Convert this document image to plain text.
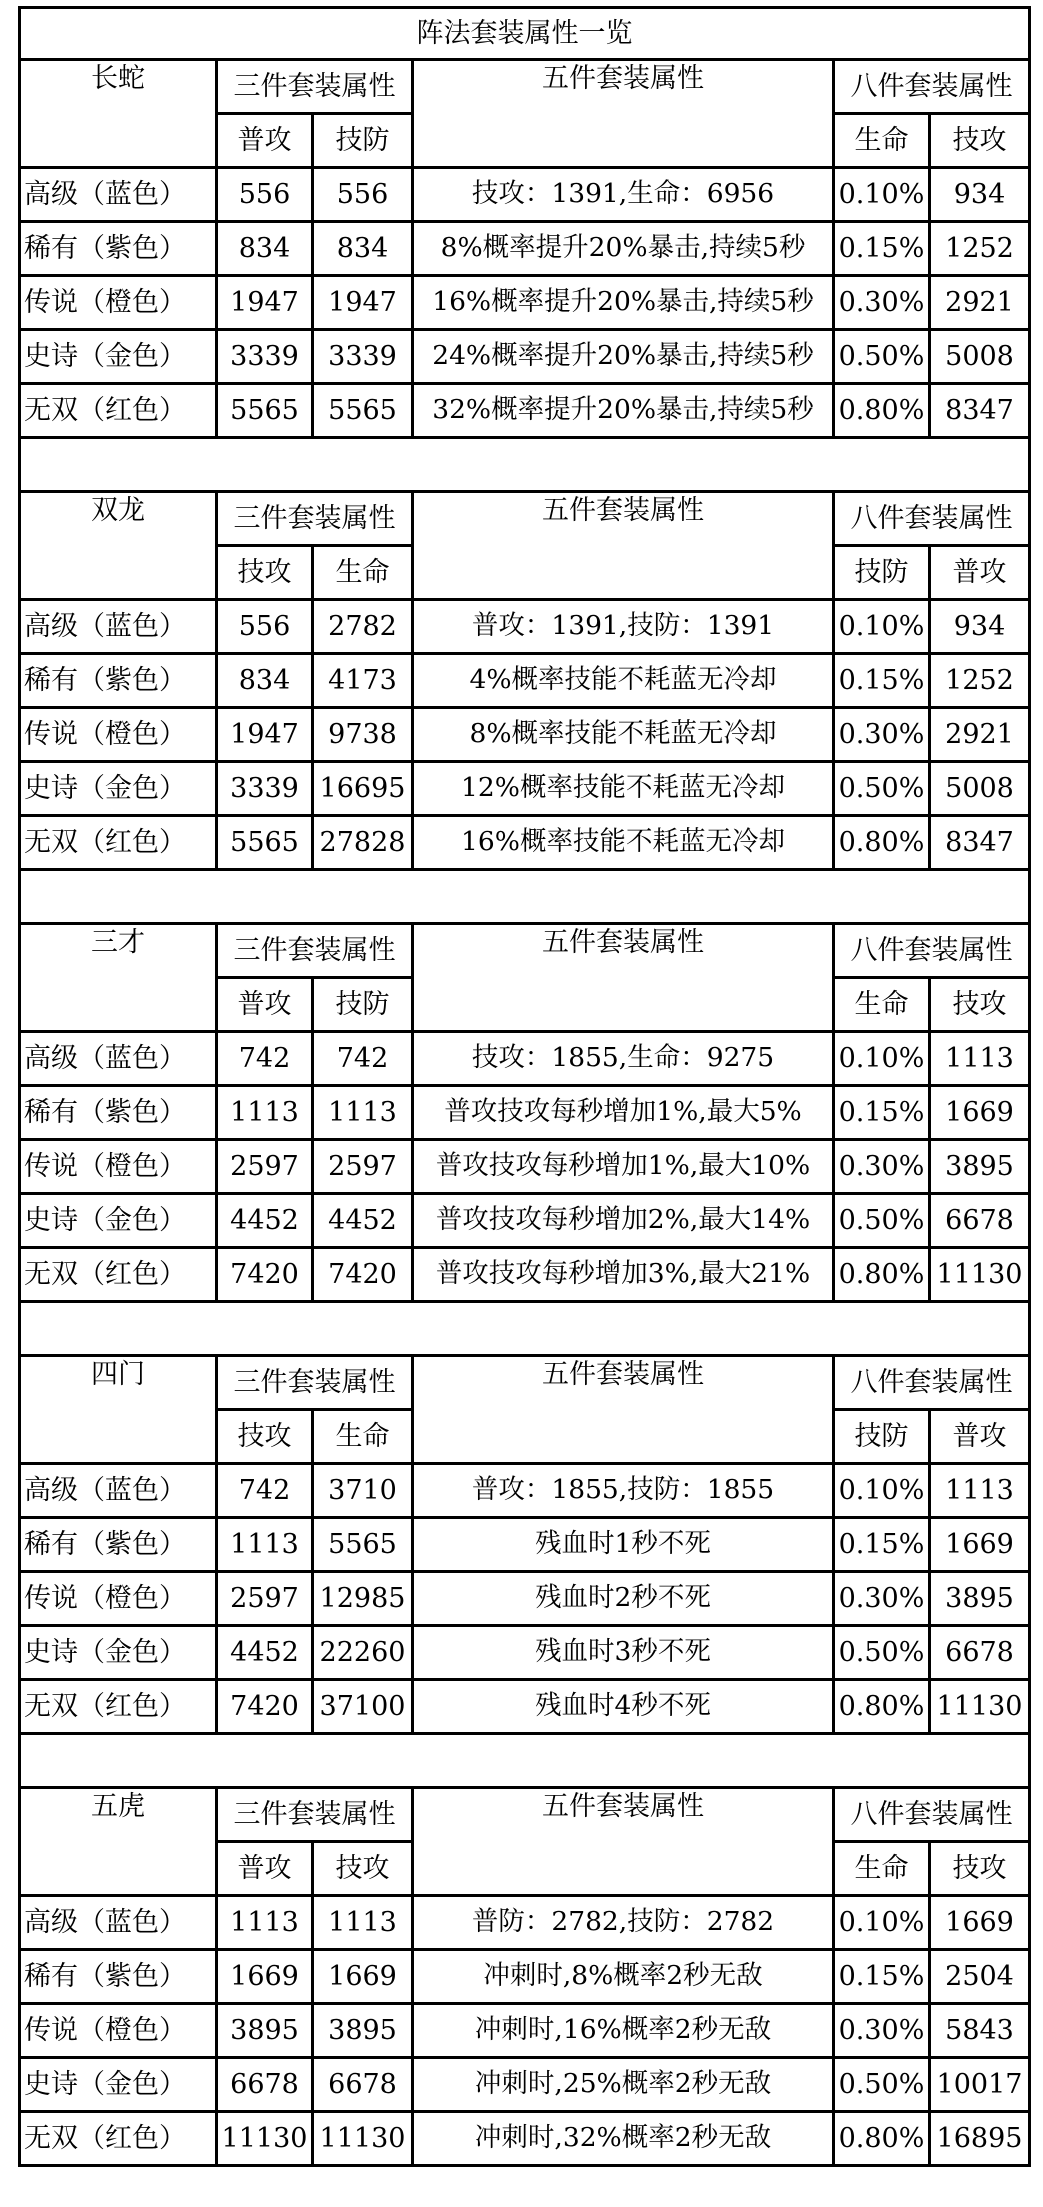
阵法套装属性一览					
长蛇	三件套装属性		五件套装属性	八件套装属性	
	普攻	技防		生命	技攻
高级（蓝色）	556	556	技攻：1391,生命：6956	0.10%	934
稀有（紫色）	834	834	8%概率提升20%暴击,持续5秒	0.15%	1252
传说（橙色）	1947	1947	16%概率提升20%暴击,持续5秒	0.30%	2921
史诗（金色）	3339	3339	24%概率提升20%暴击,持续5秒	0.50%	5008
无双（红色）	5565	5565	32%概率提升20%暴击,持续5秒	0.80%	8347

双龙	三件套装属性		五件套装属性	八件套装属性	
	技攻	生命		技防	普攻
高级（蓝色）	556	2782	普攻：1391,技防：1391	0.10%	934
稀有（紫色）	834	4173	4%概率技能不耗蓝无冷却	0.15%	1252
传说（橙色）	1947	9738	8%概率技能不耗蓝无冷却	0.30%	2921
史诗（金色）	3339	16695	12%概率技能不耗蓝无冷却	0.50%	5008
无双（红色）	5565	27828	16%概率技能不耗蓝无冷却	0.80%	8347

三才	三件套装属性		五件套装属性	八件套装属性	
	普攻	技防		生命	技攻
高级（蓝色）	742	742	技攻：1855,生命：9275	0.10%	1113
稀有（紫色）	1113	1113	普攻技攻每秒增加1%,最大5%	0.15%	1669
传说（橙色）	2597	2597	普攻技攻每秒增加1%,最大10%	0.30%	3895
史诗（金色）	4452	4452	普攻技攻每秒增加2%,最大14%	0.50%	6678
无双（红色）	7420	7420	普攻技攻每秒增加3%,最大21%	0.80%	11130

四门	三件套装属性		五件套装属性	八件套装属性	
	技攻	生命		技防	普攻
高级（蓝色）	742	3710	普攻：1855,技防：1855	0.10%	1113
稀有（紫色）	1113	5565	残血时1秒不死	0.15%	1669
传说（橙色）	2597	12985	残血时2秒不死	0.30%	3895
史诗（金色）	4452	22260	残血时3秒不死	0.50%	6678
无双（红色）	7420	37100	残血时4秒不死	0.80%	11130

五虎	三件套装属性		五件套装属性	八件套装属性	
	普攻	技攻		生命	技攻
高级（蓝色）	1113	1113	普防：2782,技防：2782	0.10%	1669
稀有（紫色）	1669	1669	冲刺时,8%概率2秒无敌	0.15%	2504
传说（橙色）	3895	3895	冲刺时,16%概率2秒无敌	0.30%	5843
史诗（金色）	6678	6678	冲刺时,25%概率2秒无敌	0.50%	10017
无双（红色）	11130	11130	冲刺时,32%概率2秒无敌	0.80%	16895
